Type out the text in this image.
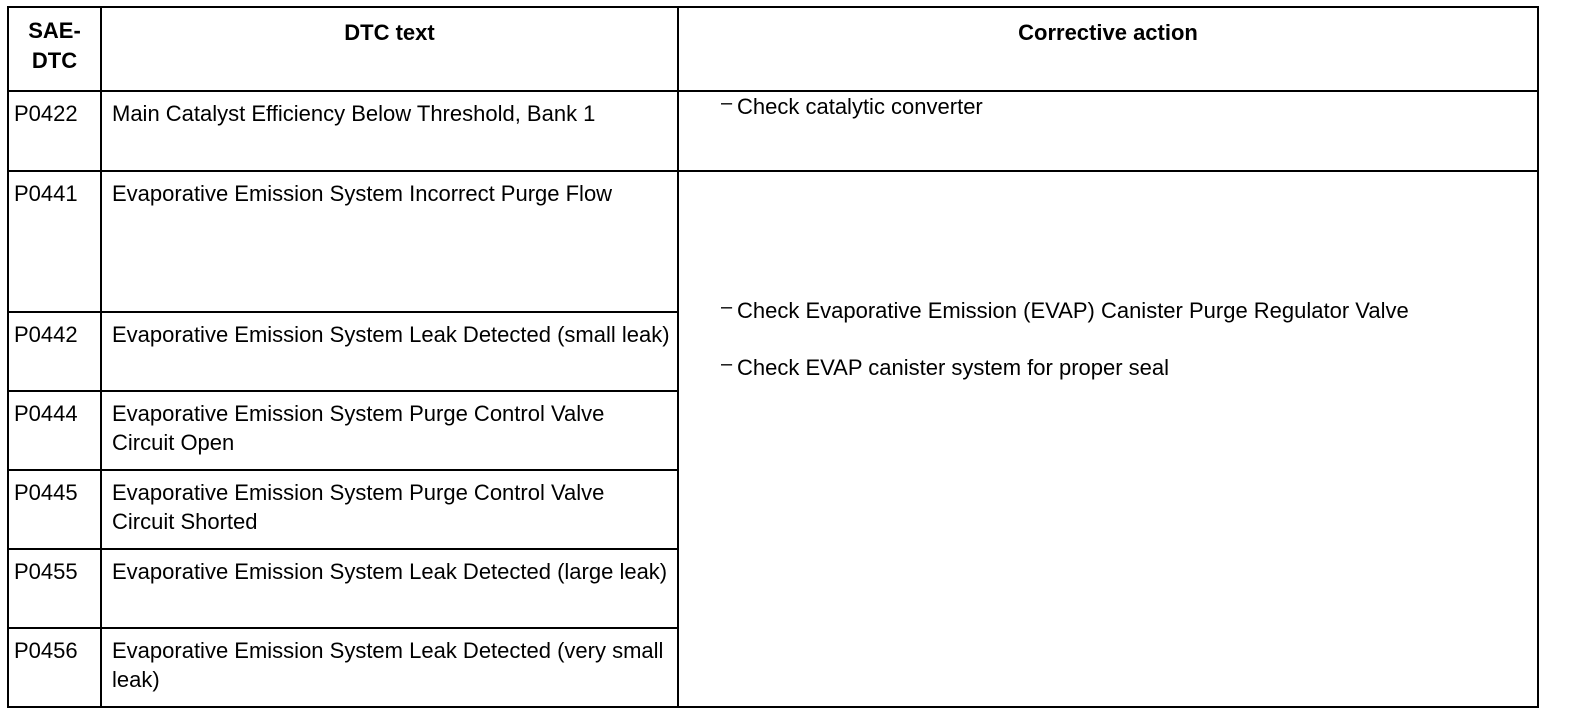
SAE-
DTC	DTC text	Corrective action
P0422	Main Catalyst Efficiency Below Threshold, Bank 1	– Check catalytic converter

P0441	Evaporative Emission System Incorrect Purge Flow	– Check Evaporative Emission (EVAP) Canister Purge Regulator Valve
– Check EVAP canister system for proper seal

P0442	Evaporative Emission System Leak Detected (small leak)	
P0444	Evaporative Emission System Purge Control Valve Circuit Open	
P0445	Evaporative Emission System Purge Control Valve Circuit Shorted	
P0455	Evaporative Emission System Leak Detected (large leak)	
P0456	Evaporative Emission System Leak Detected (very small leak)	
